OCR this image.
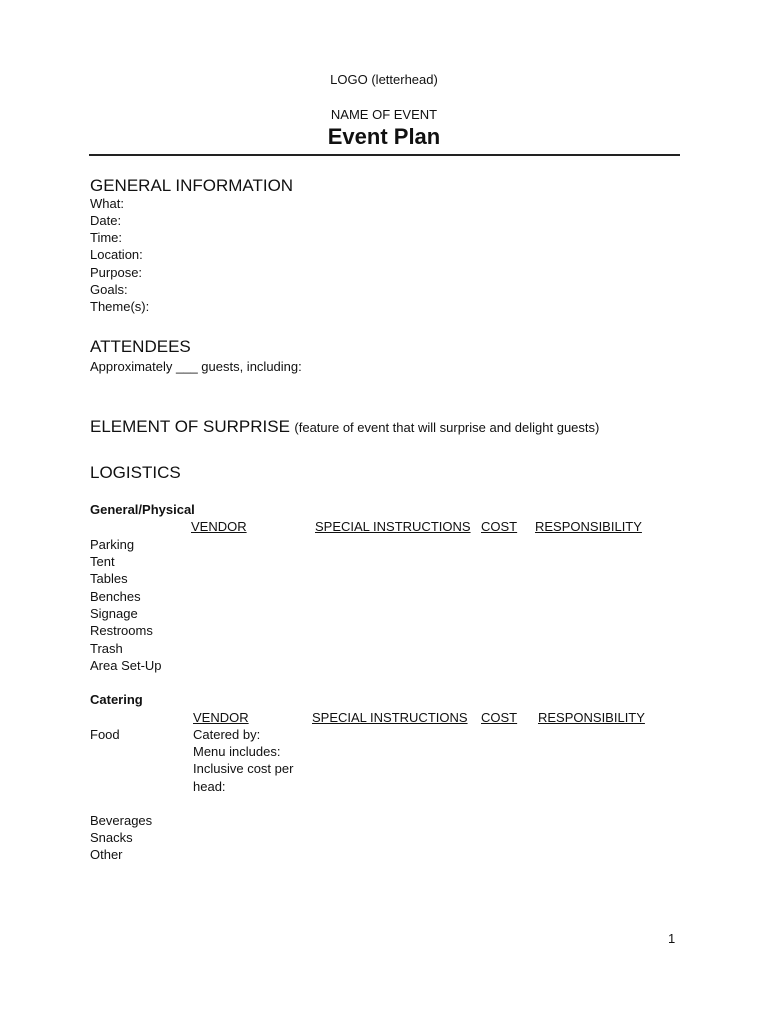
LOGO (letterhead)
NAME OF EVENT
Event Plan
GENERAL INFORMATION
What:
Date:
Time:
Location:
Purpose:
Goals:
Theme(s):
ATTENDEES
Approximately ___ guests, including:
ELEMENT OF SURPRISE (feature of event that will surprise and delight guests)
LOGISTICS
General/Physical
VENDOR	SPECIAL INSTRUCTIONS COST RESPONSIBILITY
Parking
Tent
Tables
Benches
Signage
Restrooms
Trash
Area Set-Up
Catering
VENDOR	SPECIAL INSTRUCTIONS COST RESPONSIBILITY
Food	Catered by:
Menu includes:
Inclusive cost per
head:
Beverages
Snacks
Other
1
